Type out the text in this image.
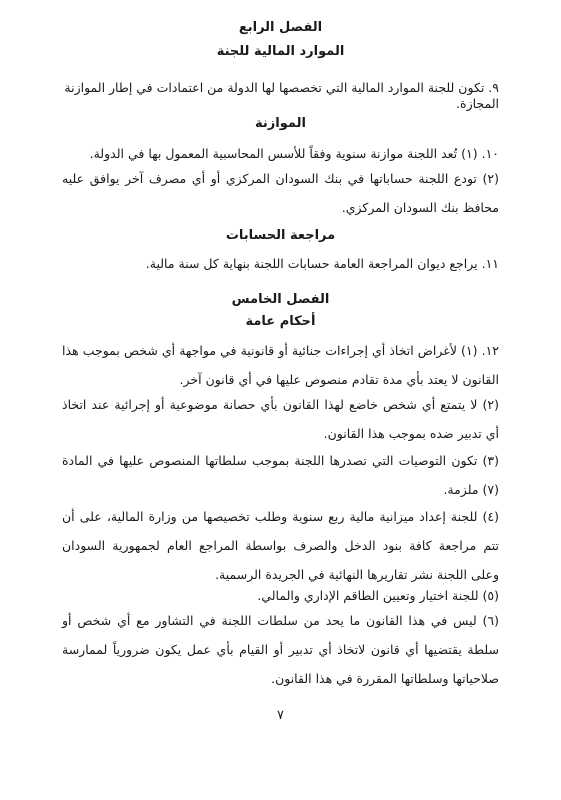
الفصل الرابع

الموارد المالية للجنة

٩. تكون للجنة الموارد المالية التي تخصصها لها الدولة من اعتمادات في إطار الموازنة المجازة.

الموازنة

١٠. (١) تُعد اللجنة موازنة سنوية وفقاً للأسس المحاسبية المعمول بها في الدولة.

(٢) تودع اللجنة حساباتها في بنك السودان المركزي أو أي مصرف آخر يوافق عليه محافظ بنك السودان المركزي.

مراجعة الحسابات

١١. يراجع ديوان المراجعة العامة حسابات اللجنة بنهاية كل سنة مالية.

الفصل الخامس

أحكام عامة

١٢. (١) لأغراض اتخاذ أي إجراءات جنائية أو قانونية في مواجهة أي شخص بموجب هذا القانون لا يعتد بأي مدة تقادم منصوص عليها في أي قانون آخر.

(٢) لا يتمتع أي شخص خاضع لهذا القانون بأي حصانة موضوعية أو إجرائية عند اتخاذ أي تدبير ضده بموجب هذا القانون.

(٣) تكون التوصيات التي تصدرها اللجنة بموجب سلطاتها المنصوص عليها في المادة (٧) ملزمة.

(٤) للجنة إعداد ميزانية مالية ربع سنوية وطلب تخصيصها من وزارة المالية، على أن تتم مراجعة كافة بنود الدخل والصرف بواسطة المراجع العام لجمهورية السودان وعلى اللجنة نشر تقاريرها النهائية في الجريدة الرسمية.

(٥) للجنة اختيار وتعيين الطاقم الإداري والمالي.

(٦) ليس في هذا القانون ما يحد من سلطات اللجنة في التشاور مع أي شخص أو سلطة يقتضيها أي قانون لاتخاذ أي تدبير أو القيام بأي عمل يكون ضرورياً لممارسة صلاحياتها وسلطاتها المقررة في هذا القانون.

٧
